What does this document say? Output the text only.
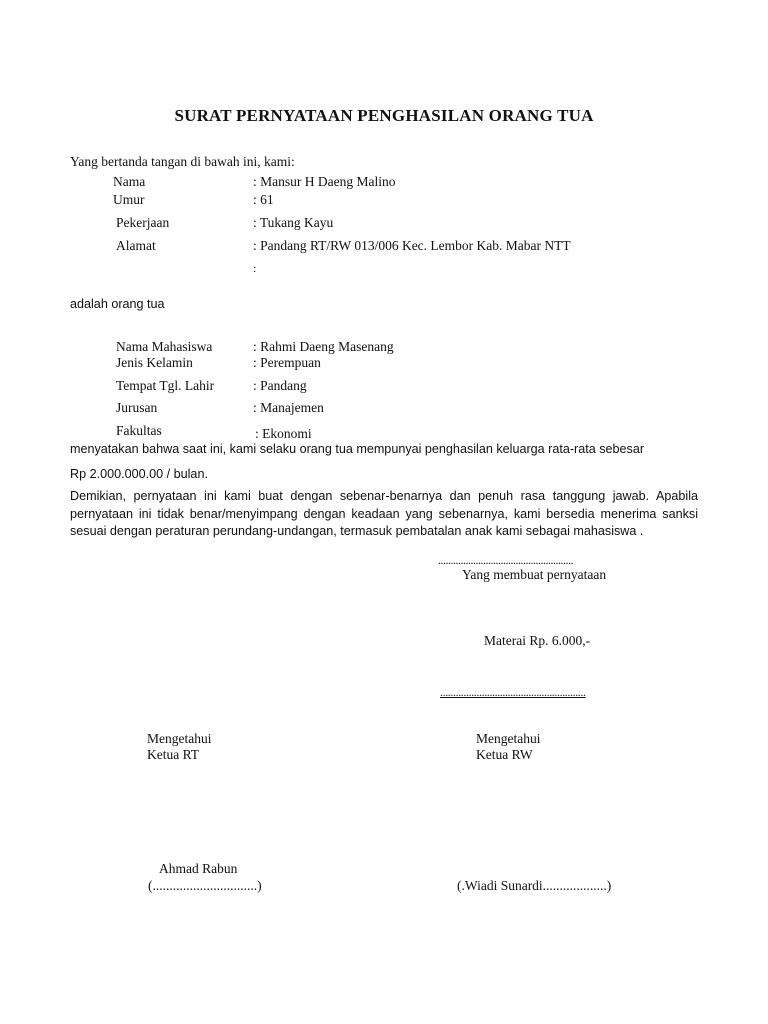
SURAT PERNYATAAN PENGHASILAN ORANG TUA
Yang bertanda tangan di bawah ini, kami:
Nama	: Mansur H Daeng Malino
Umur	: 61
Pekerjaan	: Tukang Kayu
Alamat	: Pandang RT/RW 013/006 Kec. Lembor Kab. Mabar NTT
:
adalah orang tua
Nama Mahasiswa	: Rahmi Daeng Masenang
Jenis Kelamin	: Perempuan
Tempat Tgl. Lahir	: Pandang
Jurusan	: Manajemen
Fakultas	: Ekonomi
menyatakan bahwa saat ini, kami selaku orang tua mempunyai penghasilan keluarga rata-rata sebesar
Rp 2.000.000.00 / bulan.
Demikian, pernyataan ini kami buat dengan sebenar-benarnya dan penuh rasa tanggung jawab. Apabila pernyataan ini tidak benar/menyimpang dengan keadaan yang sebenarnya, kami bersedia menerima sanksi sesuai dengan peraturan perundang-undangan, termasuk pembatalan anak kami sebagai mahasiswa .
......................................................
Yang membuat pernyataan
Materai Rp. 6.000,-
........................................................
Mengetahui
Ketua RT
Mengetahui
Ketua RW
Ahmad Rabun
(...............................)	(.Wiadi Sunardi...................)
